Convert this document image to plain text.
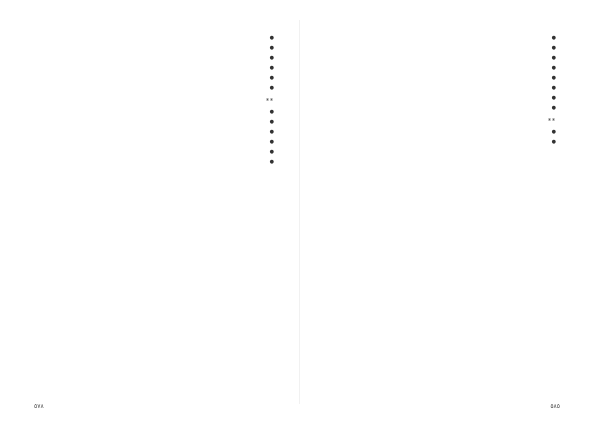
●

●

●

●

●

●

**

●

●

●

●

●

●

٥٧٨

●

●

●

●

●

●

●

●

**

●

●

٥٨٥
